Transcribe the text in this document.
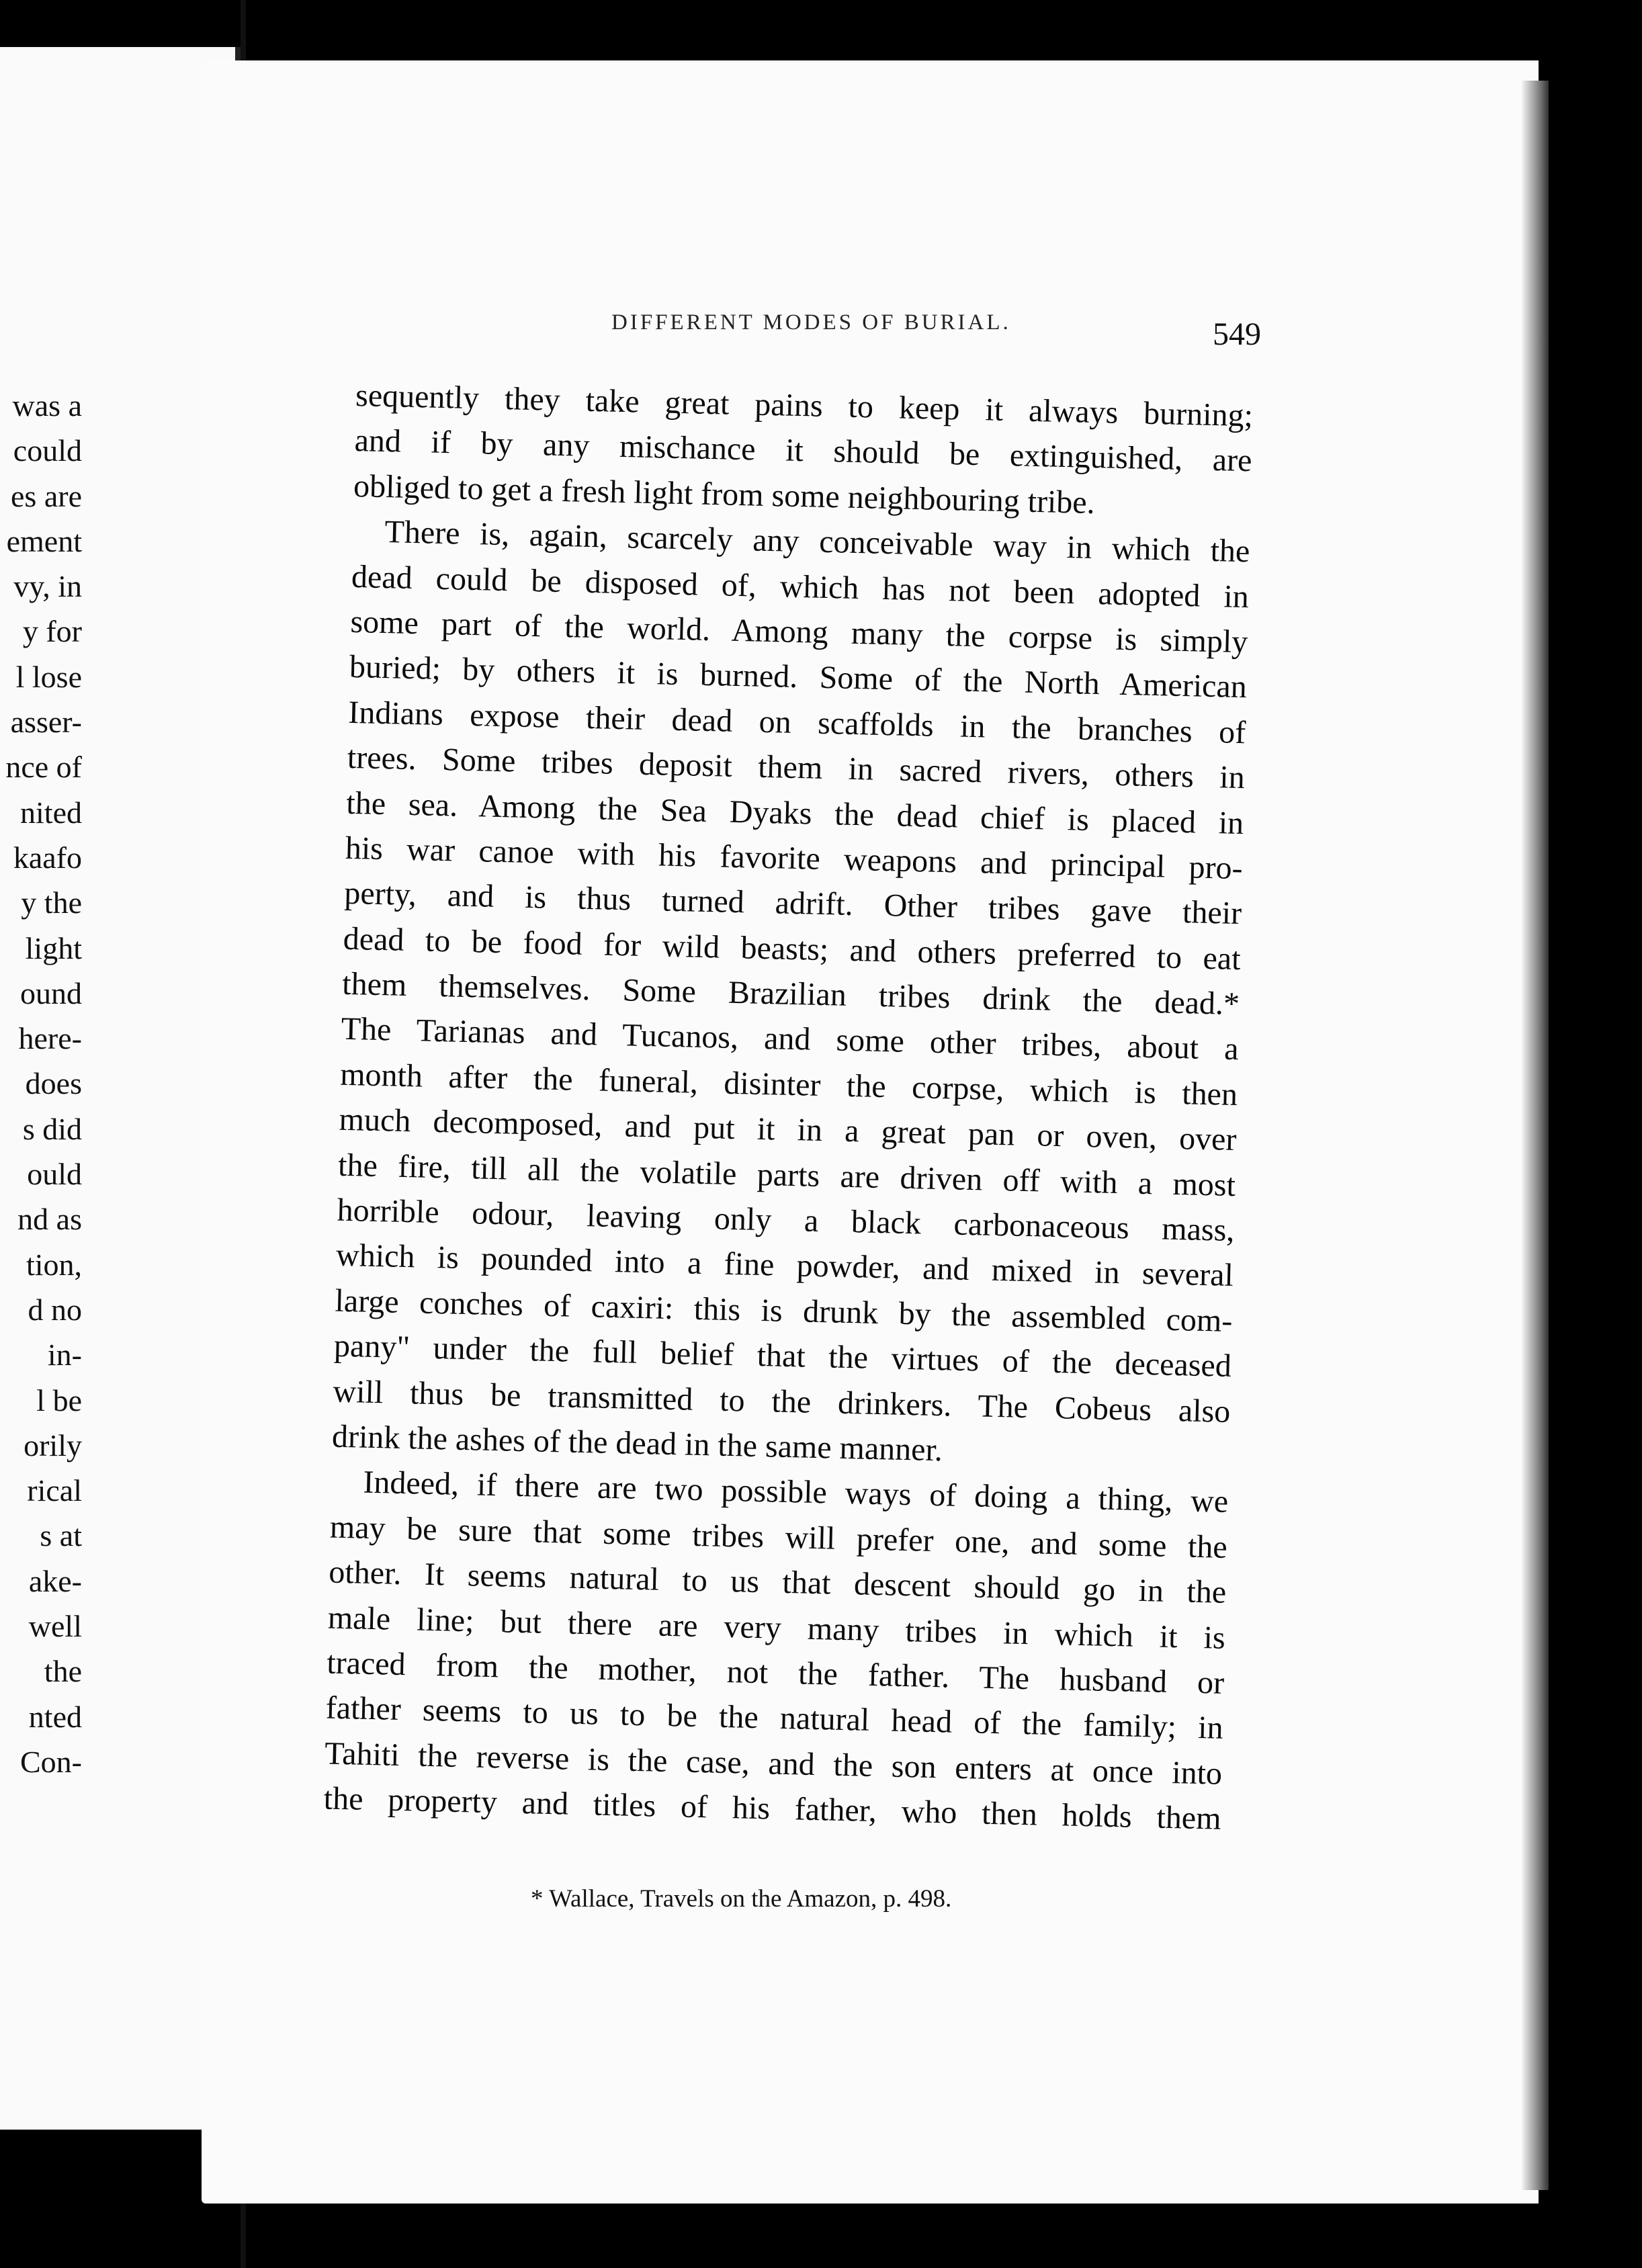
was a
could
es are
ement
vy, in
y for
l lose
asser-
nce of
nited
kaafo
y the
light
ound
here-
does
s did
ould
nd as
tion,
d no
in-
l be
orily
rical
s at
ake-
well
the
nted
Con-
DIFFERENT MODES OF BURIAL.	549
sequently they take great pains to keep it always burning;
and if by any mischance it should be extinguished, are
obliged to get a fresh light from some neighbouring tribe.
There is, again, scarcely any conceivable way in which the
dead could be disposed of, which has not been adopted in
some part of the world. Among many the corpse is simply
buried; by others it is burned. Some of the North American
Indians expose their dead on scaffolds in the branches of
trees. Some tribes deposit them in sacred rivers, others in
the sea. Among the Sea Dyaks the dead chief is placed in
his war canoe with his favorite weapons and principal pro-
perty, and is thus turned adrift. Other tribes gave their
dead to be food for wild beasts; and others preferred to eat
them themselves. Some Brazilian tribes drink the dead.*
The Tarianas and Tucanos, and some other tribes, about a
month after the funeral, disinter the corpse, which is then
much decomposed, and put it in a great pan or oven, over
the fire, till all the volatile parts are driven off with a most
horrible odour, leaving only a black carbonaceous mass,
which is pounded into a fine powder, and mixed in several
large conches of caxiri: this is drunk by the assembled com-
pany" under the full belief that the virtues of the deceased
will thus be transmitted to the drinkers. The Cobeus also
drink the ashes of the dead in the same manner.
Indeed, if there are two possible ways of doing a thing, we
may be sure that some tribes will prefer one, and some the
other. It seems natural to us that descent should go in the
male line; but there are very many tribes in which it is
traced from the mother, not the father. The husband or
father seems to us to be the natural head of the family; in
Tahiti the reverse is the case, and the son enters at once into
the property and titles of his father, who then holds them
* Wallace, Travels on the Amazon, p. 498.
